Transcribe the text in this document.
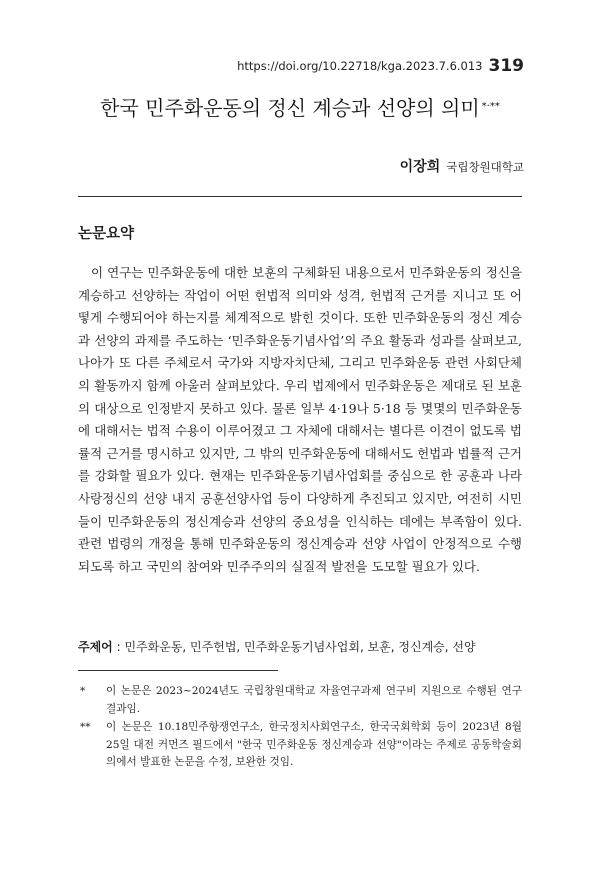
https://doi.org/10.22718/kga.2023.7.6.013 319
한국 민주화운동의 정신 계승과 선양의 의미 *·**
이장희 국립창원대학교
논문요약

이 연구는 민주화운동에 대한 보훈의 구체화된 내용으로서 민주화운동의 정신을 계승하고 선양하는 작업이 어떤 헌법적 의미와 성격, 헌법적 근거를 지니고 또 어떻게 수행되어야 하는지를 체계적으로 밝힌 것이다. 또한 민주화운동의 정신 계승과 선양의 과제를 주도하는 ‘민주화운동기념사업’의 주요 활동과 성과를 살펴보고, 나아가 또 다른 주체로서 국가와 지방자치단체, 그리고 민주화운동 관련 사회단체의 활동까지 함께 아울러 살펴보았다. 우리 법제에서 민주화운동은 제대로 된 보훈의 대상으로 인정받지 못하고 있다. 물론 일부 4·19나 5·18 등 몇몇의 민주화운동에 대해서는 법적 수용이 이루어졌고 그 자체에 대해서는 별다른 이견이 없도록 법률적 근거를 명시하고 있지만, 그 밖의 민주화운동에 대해서도 헌법과 법률적 근거를 강화할 필요가 있다. 현재는 민주화운동기념사업회를 중심으로 한 공훈과 나라사랑정신의 선양 내지 공훈선양사업 등이 다양하게 추진되고 있지만, 여전히 시민들이 민주화운동의 정신계승과 선양의 중요성을 인식하는 데에는 부족함이 있다. 관련 법령의 개정을 통해 민주화운동의 정신계승과 선양 사업이 안정적으로 수행되도록 하고 국민의 참여와 민주주의의 실질적 발전을 도모할 필요가 있다.

주제어 : 민주화운동, 민주헌법, 민주화운동기념사업회, 보훈, 정신계승, 선양
* 이 논문은 2023~2024년도 국립창원대학교 자율연구과제 연구비 지원으로 수행된 연구결과임.
** 이 논문은 10.18민주항쟁연구소, 한국정치사회연구소, 한국국회학회 등이 2023년 8월 25일 대전 커먼즈 필드에서 "한국 민주화운동 정신계승과 선양"이라는 주제로 공동학술회의에서 발표한 논문을 수정, 보완한 것임.
